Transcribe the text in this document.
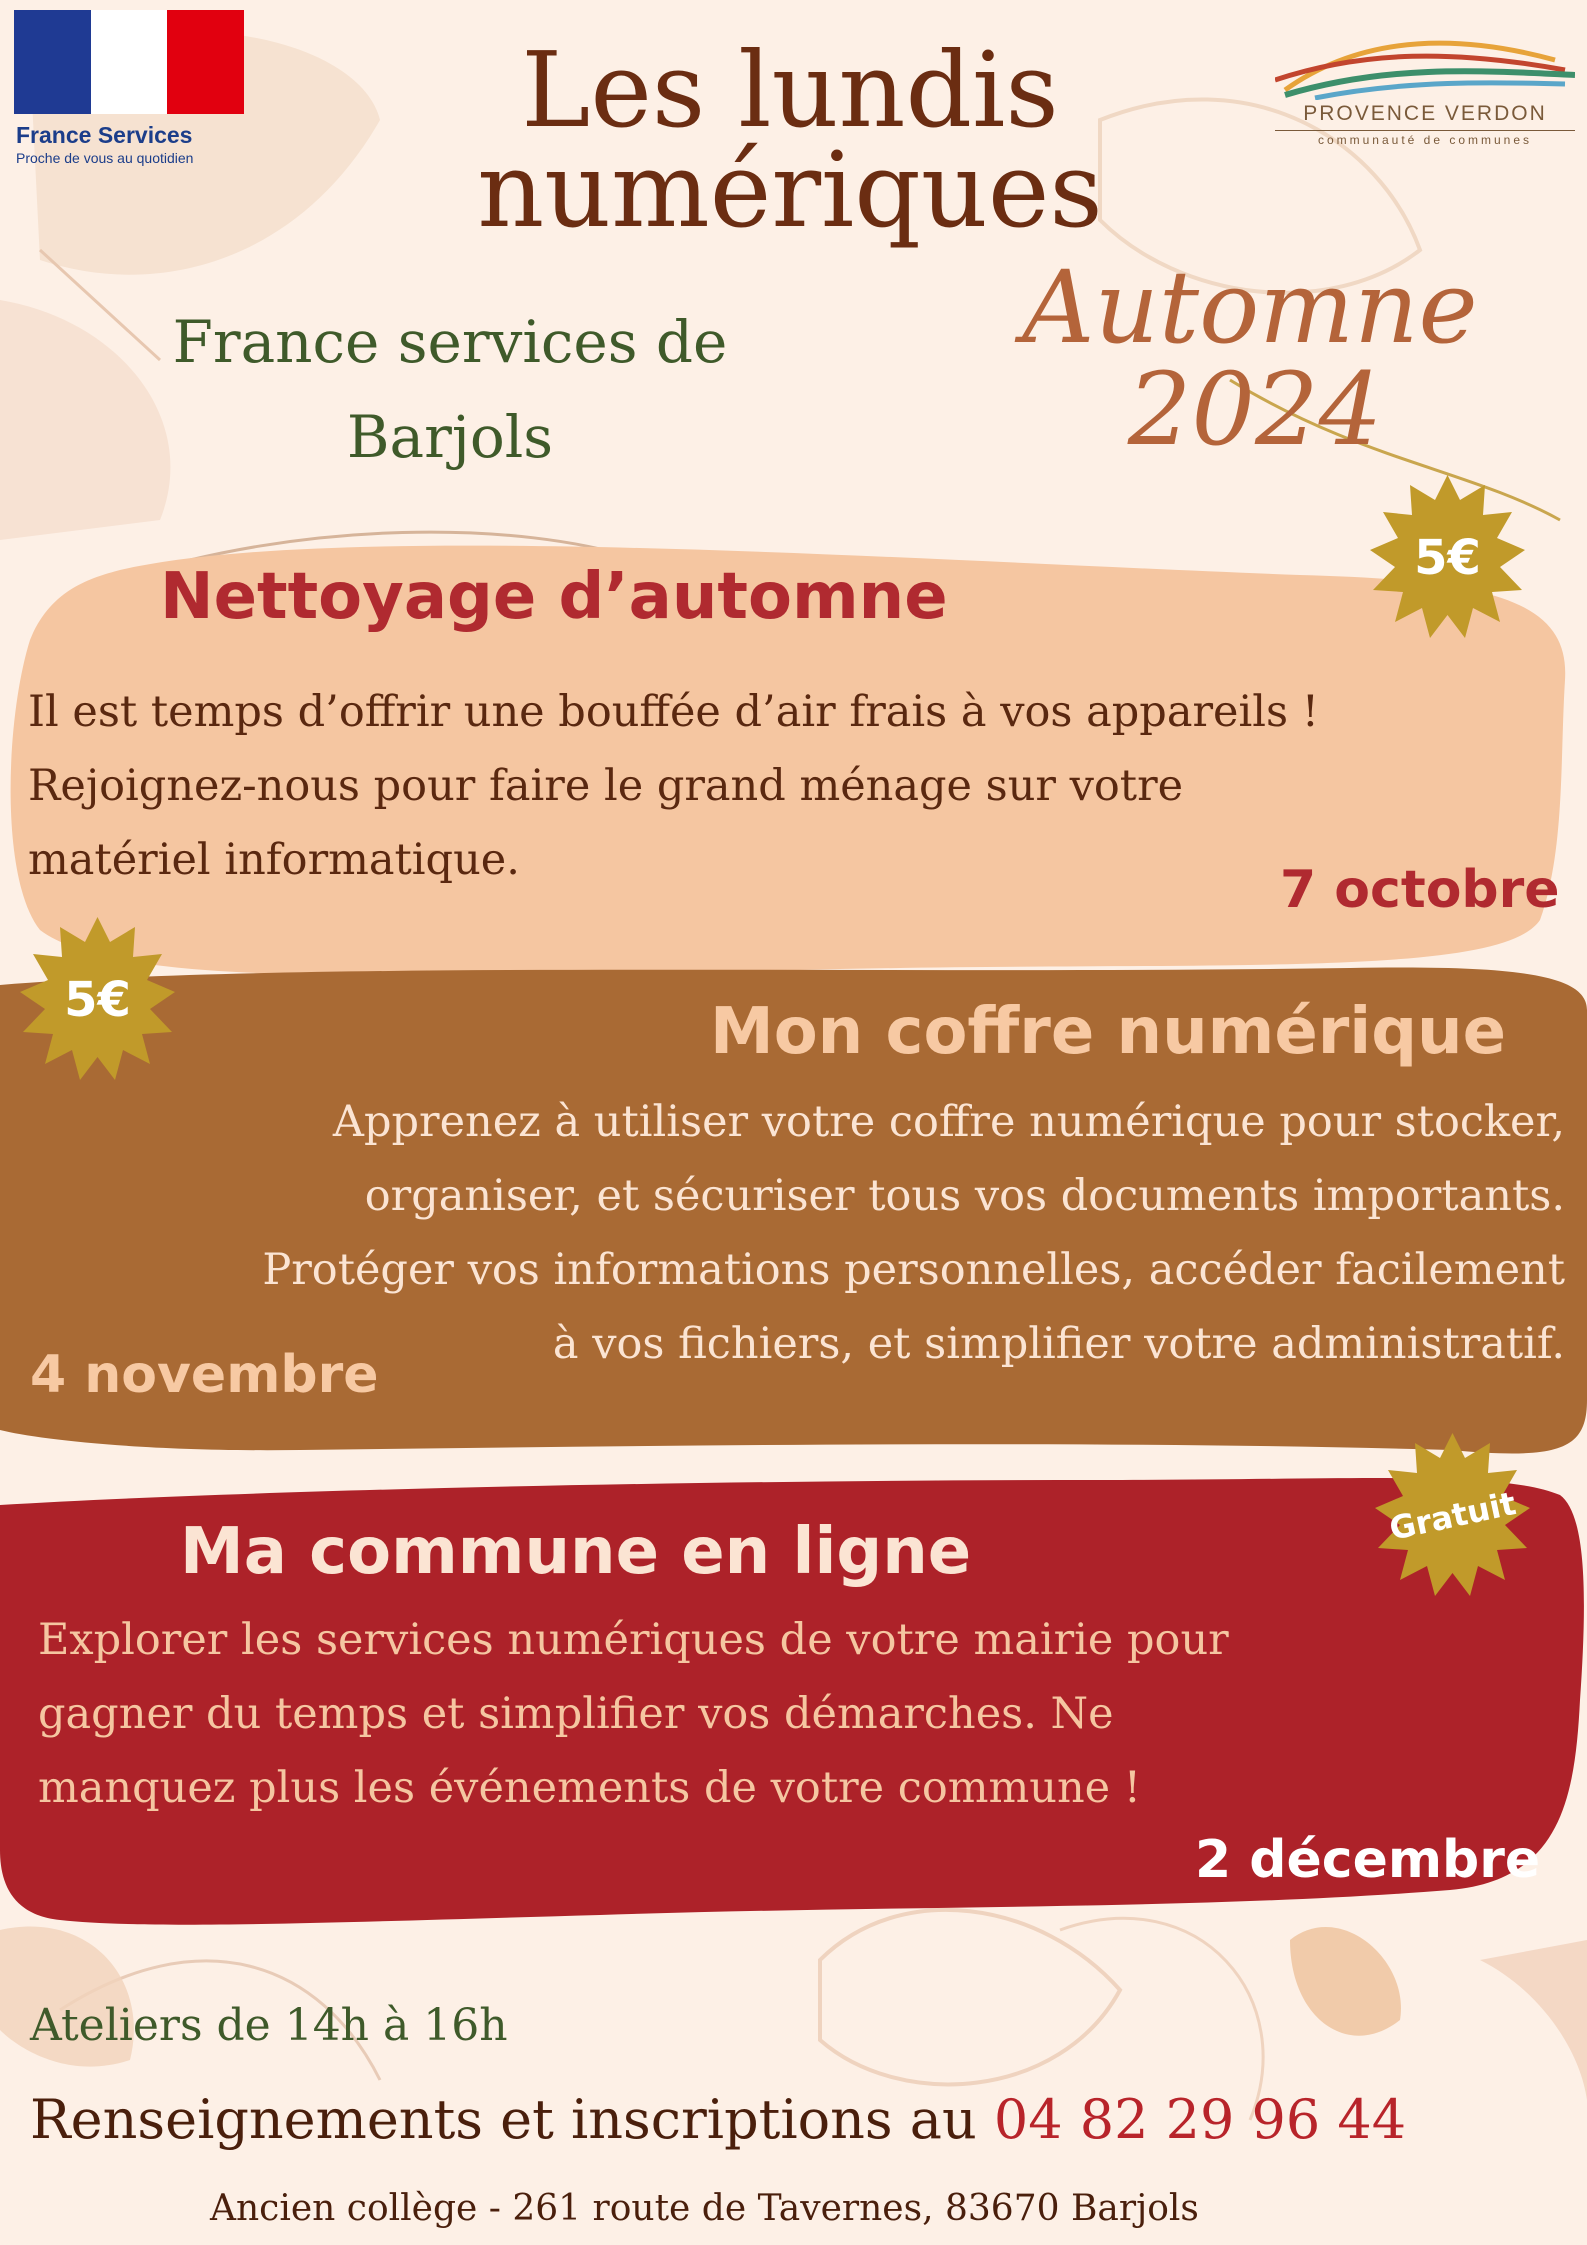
France Services
Proche de vous au quotidien
PROVENCE VERDON
communauté de communes
Les lundis
numériques
France services de
Barjols
Automne
2024
Nettoyage d’automne
Il est temps d’offrir une bouffée d’air frais à vos appareils !
Rejoignez-nous pour faire le grand ménage sur votre
matériel informatique.	7 octobre
5€
5€	Mon coffre numérique
Apprenez à utiliser votre coffre numérique pour stocker,
organiser, et sécuriser tous vos documents importants.
Protéger vos informations personnelles, accéder facilement
à vos fichiers, et simplifier votre administratif.
4 novembre
Gratuit
Ma commune en ligne
Explorer les services numériques de votre mairie pour
gagner du temps et simplifier vos démarches. Ne
manquez plus les événements de votre commune !
2 décembre
Ateliers de 14h à 16h
Renseignements et inscriptions au 04 82 29 96 44
Ancien collège - 261 route de Tavernes, 83670 Barjols
